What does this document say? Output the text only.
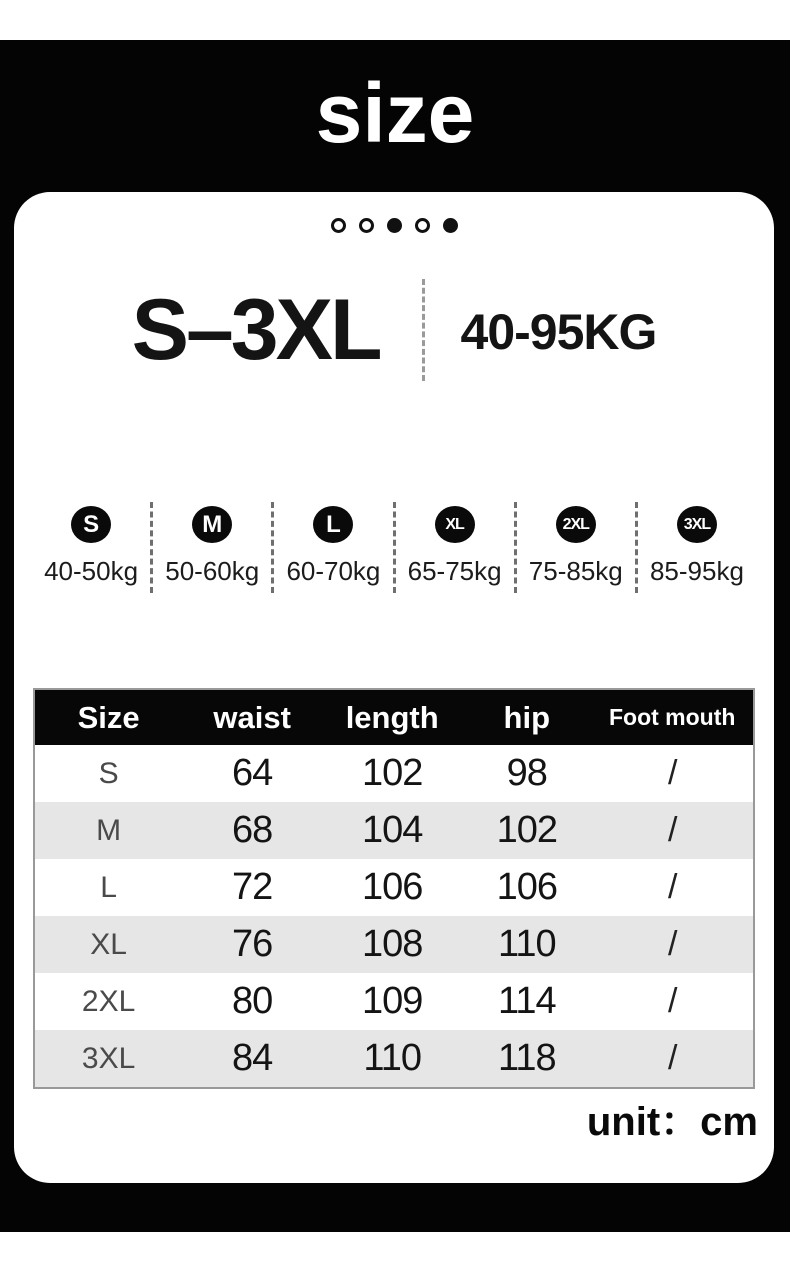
size
S–3XL 40-95KG
S
40-50kg
M
50-60kg
L
60-70kg
XL
65-75kg
2XL
75-85kg
3XL
85-95kg
Size	waist	length	hip	Foot mouth
S	64	102	98	/
M	68	104	102	/
L	72	106	106	/
XL	76	108	110	/
2XL	80	109	114	/
3XL	84	110	118	/
unit：cm
